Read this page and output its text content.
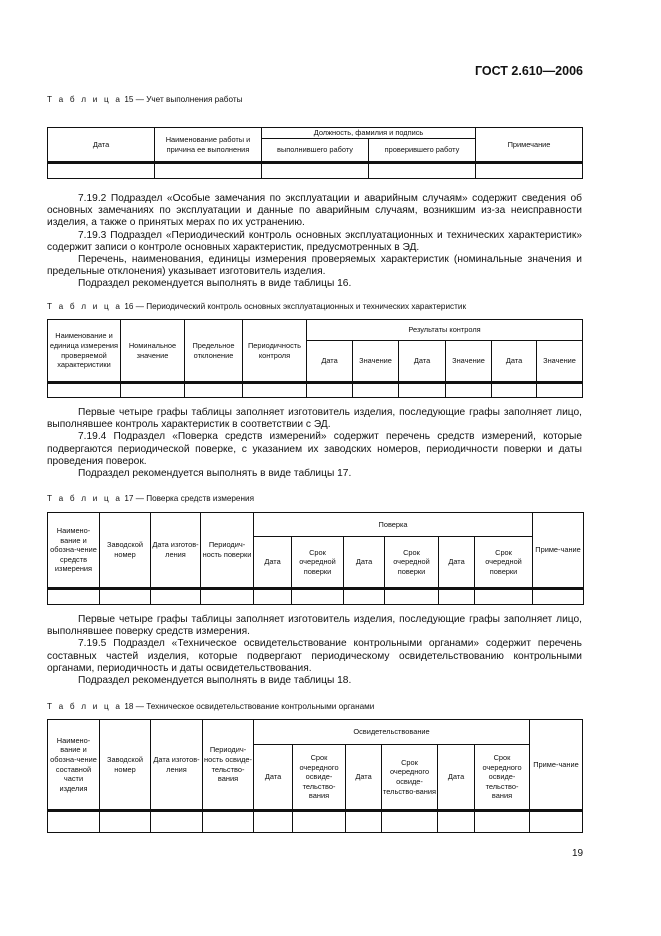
ГОСТ 2.610—2006
Т а б л и ц а 15 — Учет выполнения работы
Дата	Наименование работы и причина ее выполнения	Должность, фамилия и подпись		Примечание
		выполнившего работу	проверившего работу	

7.19.2 Подраздел «Особые замечания по эксплуатации и аварийным случаям» содержит сведения об основных замечаниях по эксплуатации и данные по аварийным случаям, возникшим из-за неисправности изделия, а также о принятых мерах по их устранению.

7.19.3 Подраздел «Периодический контроль основных эксплуатационных и технических характеристик» содержит записи о контроле основных характеристик, предусмотренных в ЭД.

Перечень, наименования, единицы измерения проверяемых характеристик (номинальные значения и предельные отклонения) указывает изготовитель изделия.

Подраздел рекомендуется выполнять в виде таблицы 16.

Т а б л и ц а 16 — Периодический контроль основных эксплуатационных и технических характеристик
Наименование и единица измерения проверяемой характеристики	Номинальное значение	Предельное отклонение	Периодичность контроля	Результаты контроля					
				Дата	Значение	Дата	Значение	Дата	Значение

Первые четыре графы таблицы заполняет изготовитель изделия, последующие графы заполняет лицо, выполнявшее контроль характеристик в соответствии с ЭД.

7.19.4 Подраздел «Поверка средств измерений» содержит перечень средств измерений, которые подвергаются периодической поверке, с указанием их заводских номеров, периодичности поверки и даты проведения поверок.

Подраздел рекомендуется выполнять в виде таблицы 17.

Т а б л и ц а 17 — Поверка средств измерения
Наимено-вание и обозна-чение средств измерения	Заводской номер	Дата изготов-ления	Периодич-ность поверки	Поверка						Приме-чание
				Дата	Срок очередной поверки	Дата	Срок очередной поверки	Дата	Срок очередной поверки	

Первые четыре графы таблицы заполняет изготовитель изделия, последующие графы заполняет лицо, выполнявшее поверку средств измерения.

7.19.5 Подраздел «Техническое освидетельствование контрольными органами» содержит перечень составных частей изделия, которые подвергают периодическому освидетельствованию контрольными органами, периодичность и даты освидетельствования.

Подраздел рекомендуется выполнять в виде таблицы 18.

Т а б л и ц а 18 — Техническое освидетельствование контрольными органами
Наимено-вание и обозна-чение составной части изделия	Заводской номер	Дата изготов-ления	Периодич-ность освиде-тельство-вания	Освидетельствование						Приме-чание
				Дата	Срок очередного освиде-тельство-вания	Дата	Срок очередного освиде-тельство-вания	Дата	Срок очередного освиде-тельство-вания	

19
